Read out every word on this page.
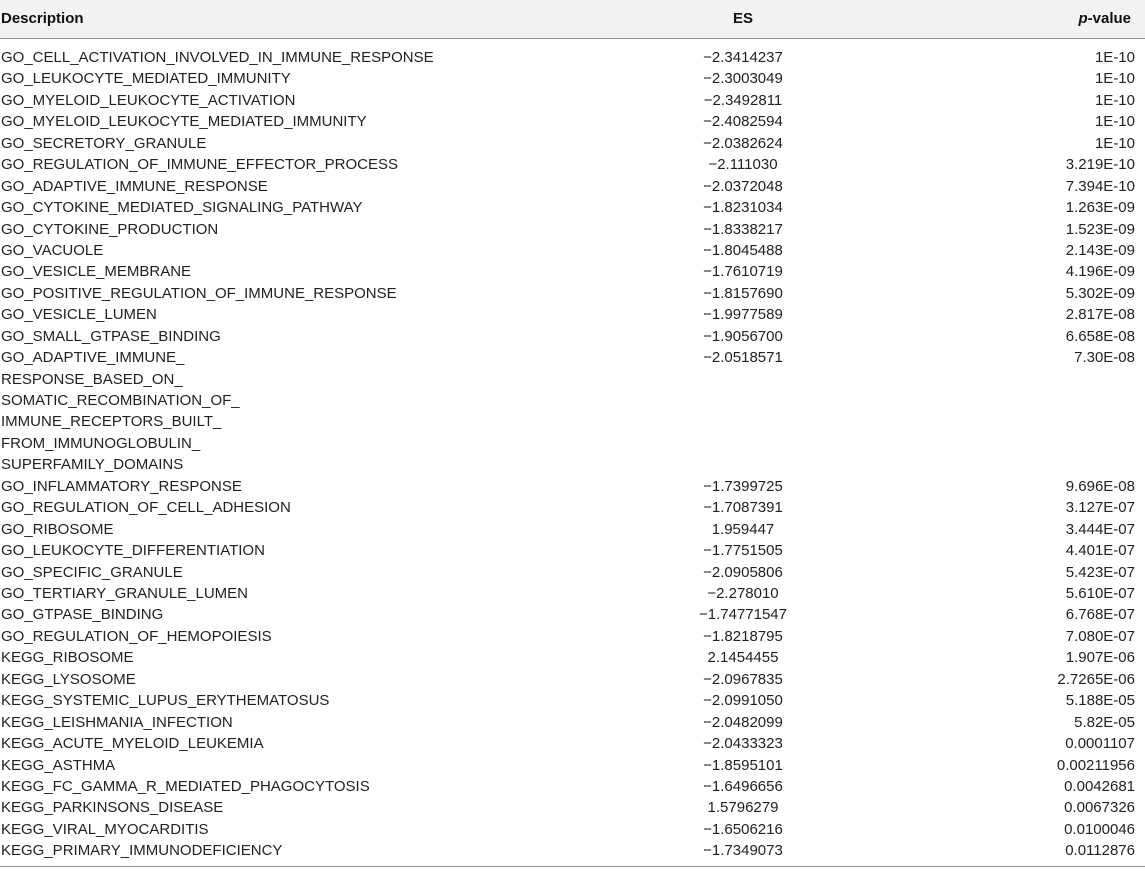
Description	ES	p-value
GO_CELL_ACTIVATION_INVOLVED_IN_IMMUNE_RESPONSE	−2.3414237	1E-10
GO_LEUKOCYTE_MEDIATED_IMMUNITY	−2.3003049	1E-10
GO_MYELOID_LEUKOCYTE_ACTIVATION	−2.3492811	1E-10
GO_MYELOID_LEUKOCYTE_MEDIATED_IMMUNITY	−2.4082594	1E-10
GO_SECRETORY_GRANULE	−2.0382624	1E-10
GO_REGULATION_OF_IMMUNE_EFFECTOR_PROCESS	−2.111030	3.219E-10
GO_ADAPTIVE_IMMUNE_RESPONSE	−2.0372048	7.394E-10
GO_CYTOKINE_MEDIATED_SIGNALING_PATHWAY	−1.8231034	1.263E-09
GO_CYTOKINE_PRODUCTION	−1.8338217	1.523E-09
GO_VACUOLE	−1.8045488	2.143E-09
GO_VESICLE_MEMBRANE	−1.7610719	4.196E-09
GO_POSITIVE_REGULATION_OF_IMMUNE_RESPONSE	−1.8157690	5.302E-09
GO_VESICLE_LUMEN	−1.9977589	2.817E-08
GO_SMALL_GTPASE_BINDING	−1.9056700	6.658E-08
GO_ADAPTIVE_IMMUNE_
RESPONSE_BASED_ON_
SOMATIC_RECOMBINATION_OF_
IMMUNE_RECEPTORS_BUILT_
FROM_IMMUNOGLOBULIN_
SUPERFAMILY_DOMAINS
−2.0518571	7.30E-08
GO_INFLAMMATORY_RESPONSE	−1.7399725	9.696E-08
GO_REGULATION_OF_CELL_ADHESION	−1.7087391	3.127E-07
GO_RIBOSOME	1.959447	3.444E-07
GO_LEUKOCYTE_DIFFERENTIATION	−1.7751505	4.401E-07
GO_SPECIFIC_GRANULE	−2.0905806	5.423E-07
GO_TERTIARY_GRANULE_LUMEN	−2.278010	5.610E-07
GO_GTPASE_BINDING	−1.74771547	6.768E-07
GO_REGULATION_OF_HEMOPOIESIS	−1.8218795	7.080E-07
KEGG_RIBOSOME	2.1454455	1.907E-06
KEGG_LYSOSOME	−2.0967835	2.7265E-06
KEGG_SYSTEMIC_LUPUS_ERYTHEMATOSUS	−2.0991050	5.188E-05
KEGG_LEISHMANIA_INFECTION	−2.0482099	5.82E-05
KEGG_ACUTE_MYELOID_LEUKEMIA	−2.0433323	0.0001107
KEGG_ASTHMA	−1.8595101	0.00211956
KEGG_FC_GAMMA_R_MEDIATED_PHAGOCYTOSIS	−1.6496656	0.0042681
KEGG_PARKINSONS_DISEASE	1.5796279	0.0067326
KEGG_VIRAL_MYOCARDITIS	−1.6506216	0.0100046
KEGG_PRIMARY_IMMUNODEFICIENCY	−1.7349073	0.0112876
